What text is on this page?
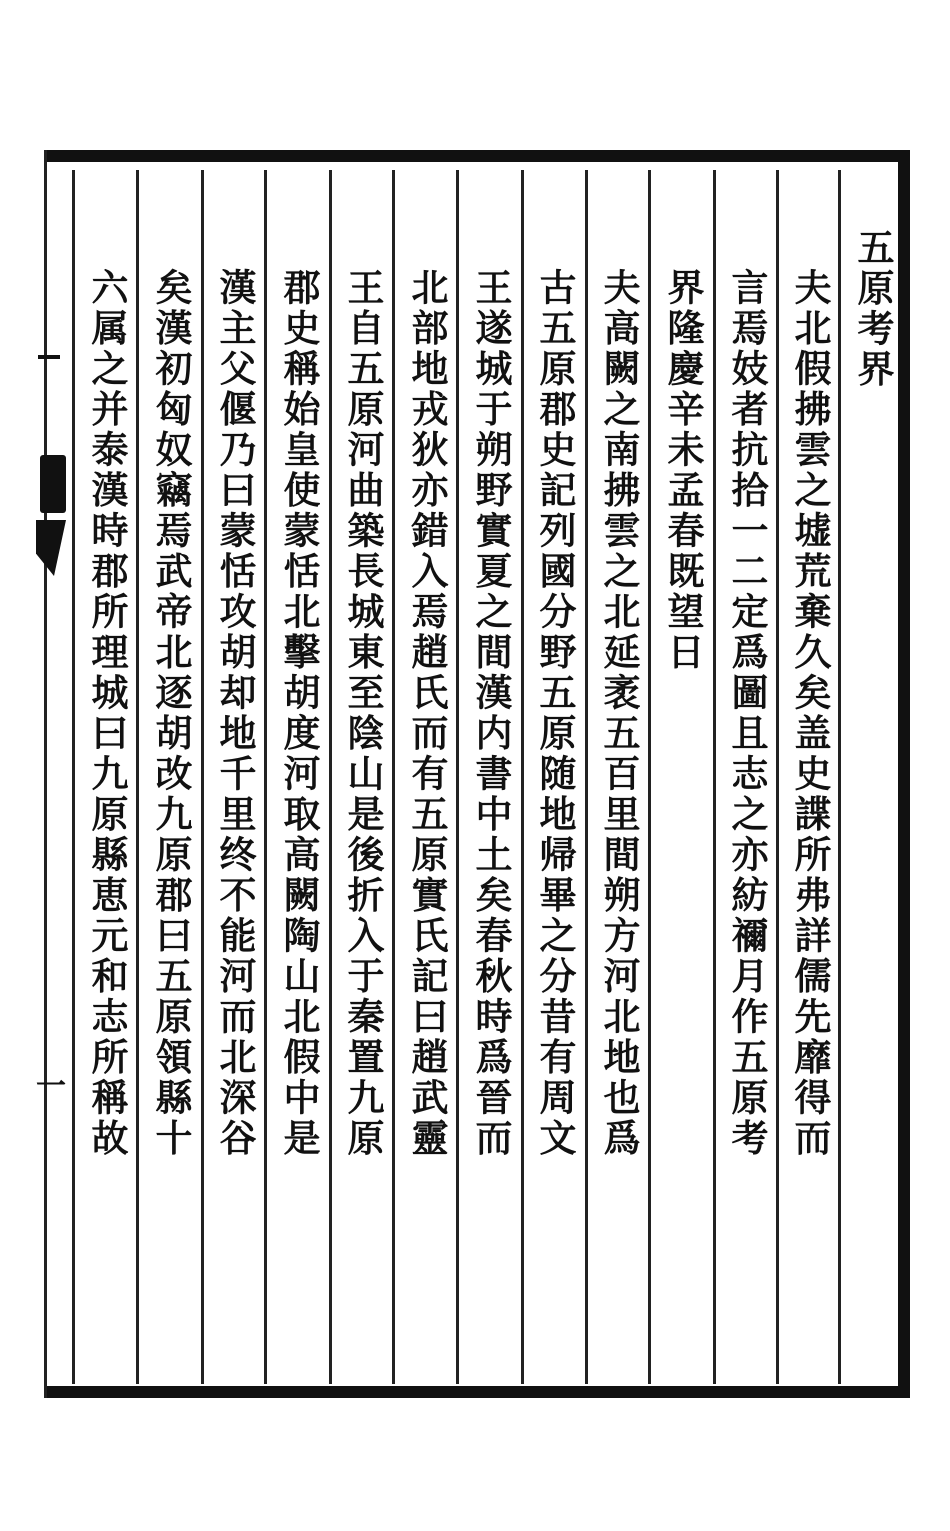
五原考界
夫北假拂雲之墟荒棄久矣盖史諜所弗詳儒先靡得而
言焉妓者抗拾一二定爲圖且志之亦紡禰月作五原考
界隆慶辛未孟春既望日
夫高闕之南拂雲之北延袤五百里間朔方河北地也爲
古五原郡史記列國分野五原随地帰畢之分昔有周文
王遂城于朔野實夏之間漢内書中土矣春秋時爲晉而
北部地戎狄亦錯入焉趙氏而有五原實氏記曰趙武靈
王自五原河曲築長城東至陰山是後折入于秦置九原
郡史稱始皇使蒙恬北擊胡度河取高闕陶山北假中是
漢主父偃乃曰蒙恬攻胡却地千里终不能河而北深谷
矣漢初匈奴竊焉武帝北逐胡改九原郡曰五原領縣十
六属之并泰漢時郡所理城曰九原縣恵元和志所稱故
一
